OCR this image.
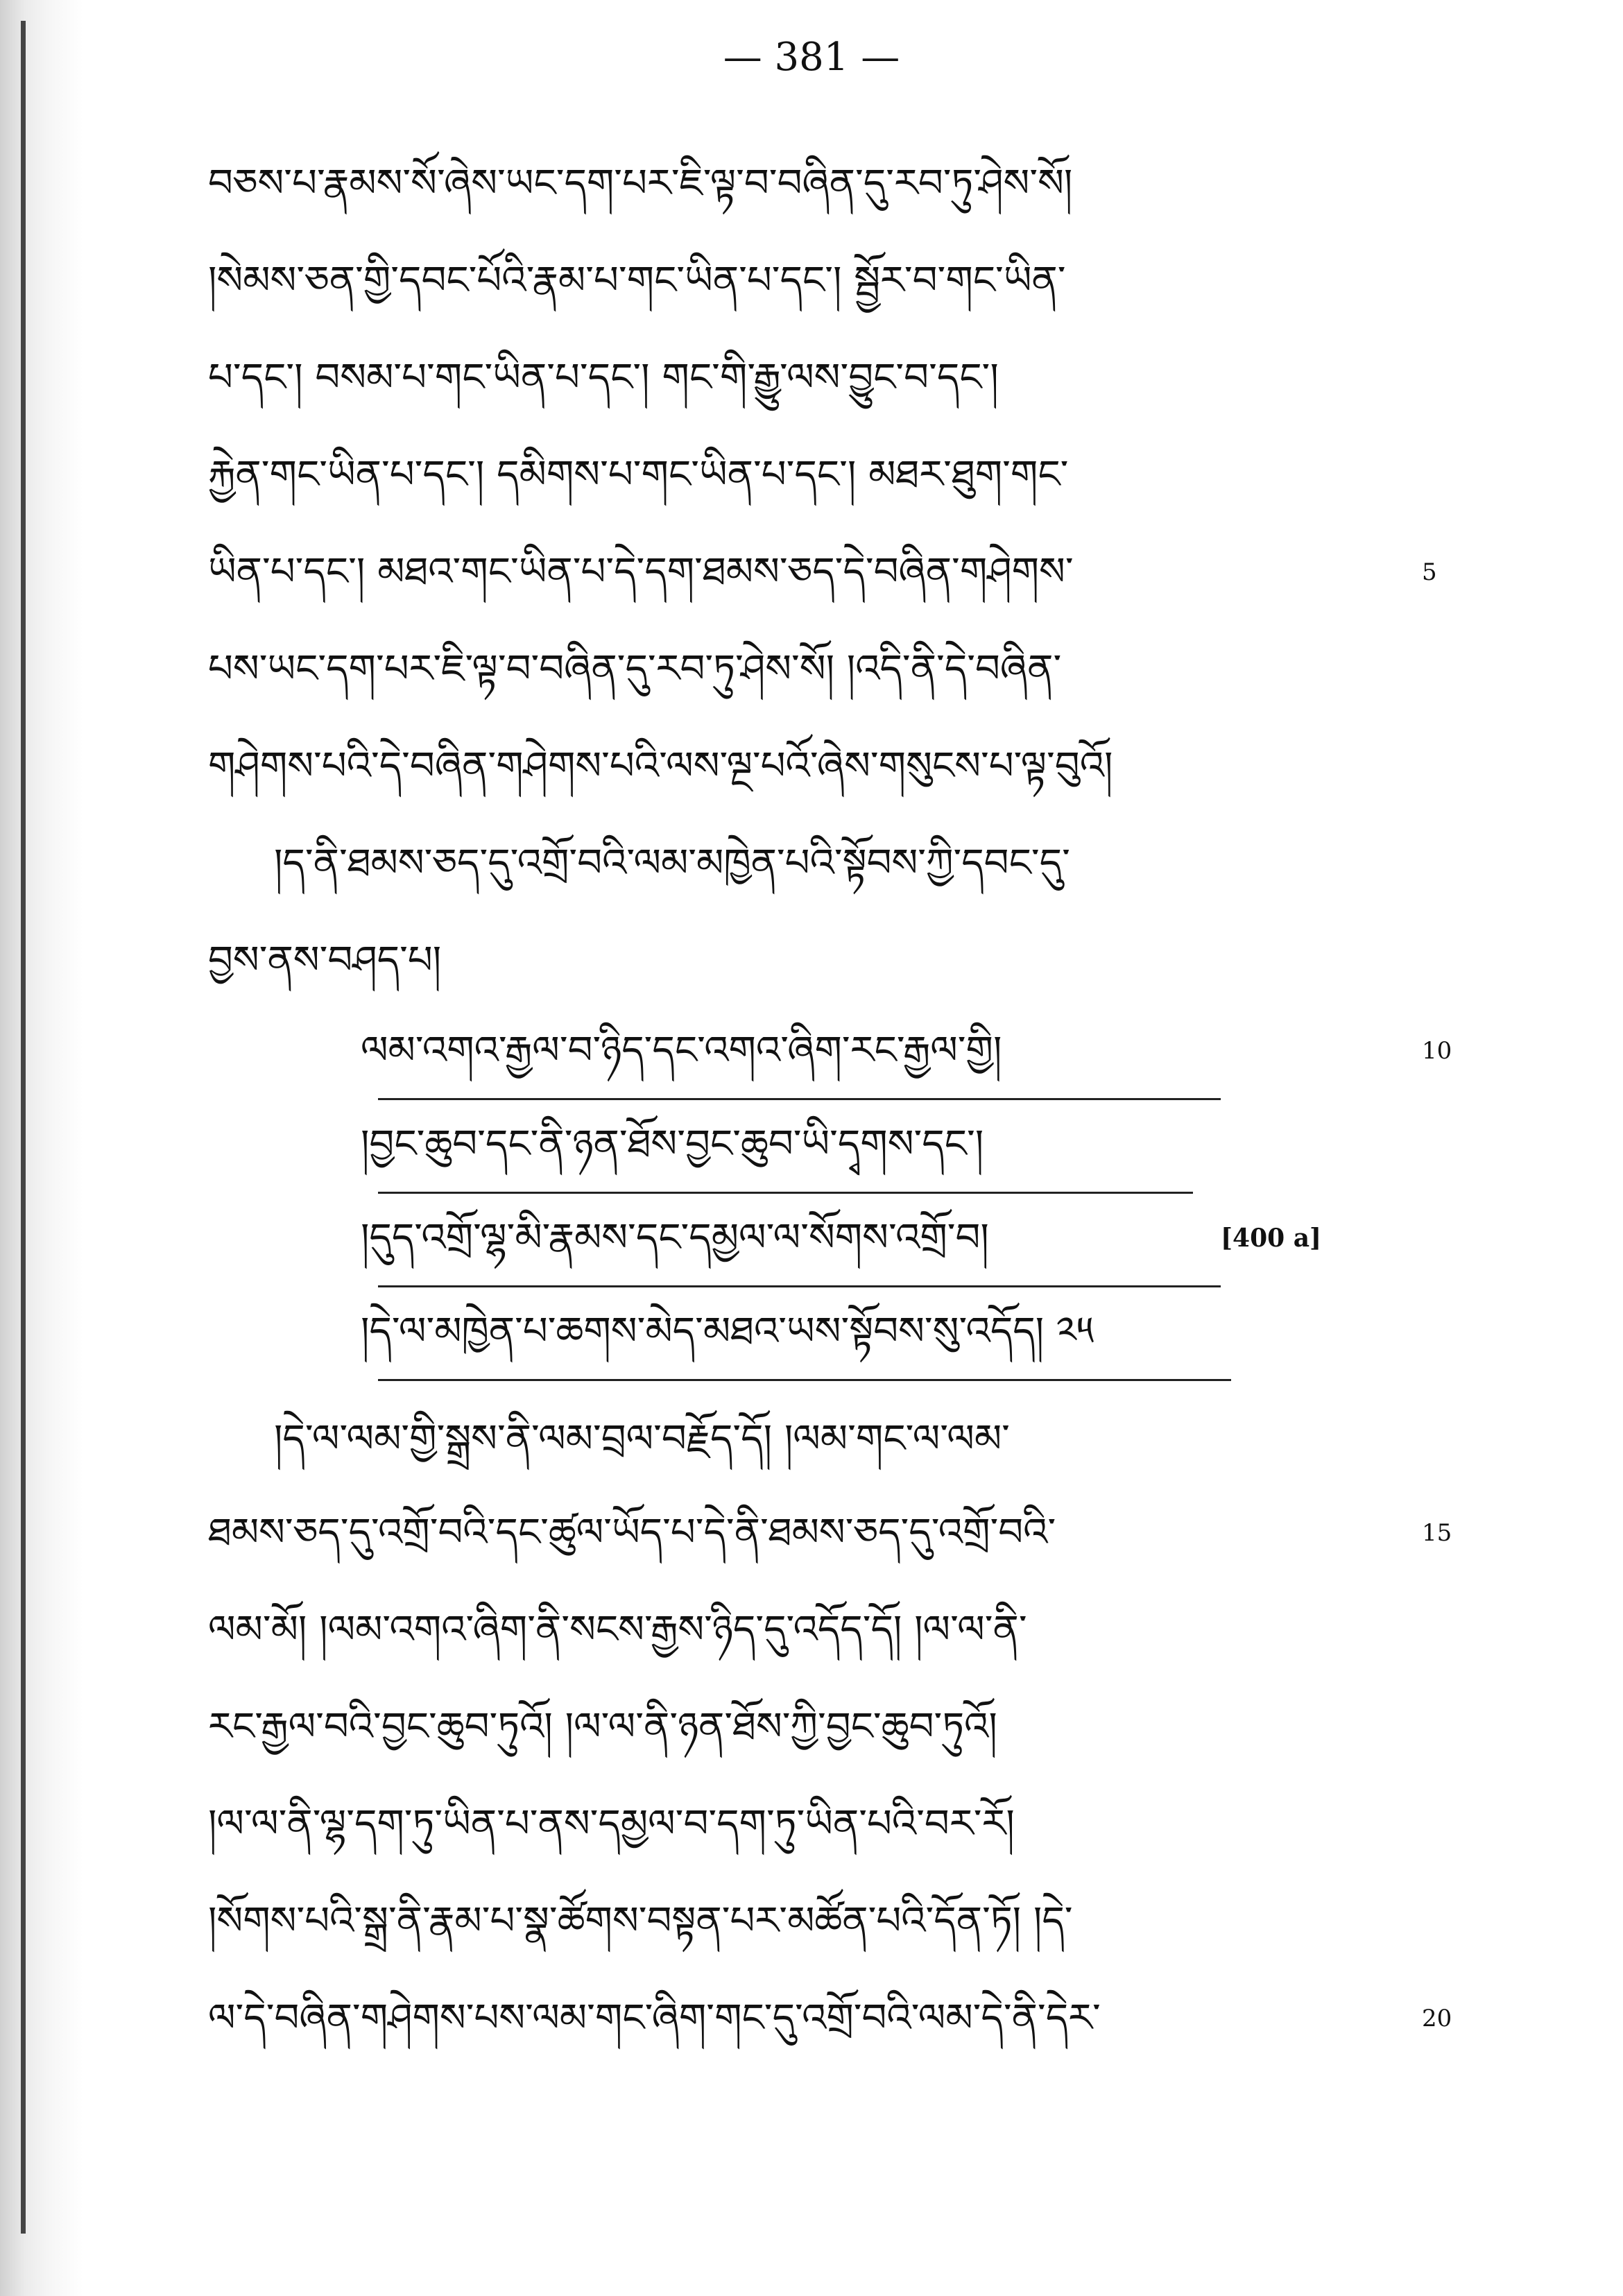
— 381 —
བཅས་པ་རྣམས་སོ་ཞེས་ཡང་དག་པར་ཇི་ལྟ་བ་བཞིན་དུ་རབ་ཏུ་ཤེས་སོ།
།སེམས་ཅན་གྱི་དབང་པོའི་རྣམ་པ་གང་ཡིན་པ་དང་། སྦྱོར་བ་གང་ཡིན་
པ་དང་། བསམ་པ་གང་ཡིན་པ་དང་། གང་གི་རྒྱུ་ལས་བྱུང་བ་དང་།
རྐྱེན་གང་ཡིན་པ་དང་། དམིགས་པ་གང་ཡིན་པ་དང་། མཐར་ཐུག་གང་
ཡིན་པ་དང་། མཐའ་གང་ཡིན་པ་དེ་དག་ཐམས་ཅད་དེ་བཞིན་གཤེགས་	5
པས་ཡང་དག་པར་ཇི་ལྟ་བ་བཞིན་དུ་རབ་ཏུ་ཤེས་སོ། །འདི་ནི་དེ་བཞིན་
གཤེགས་པའི་དེ་བཞིན་གཤེགས་པའི་ལས་ལྔ་པའོ་ཞེས་གསུངས་པ་ལྟ་བུའོ།
།ད་ནི་ཐམས་ཅད་དུ་འགྲོ་བའི་ལམ་མཁྱེན་པའི་སྟོབས་ཀྱི་དབང་དུ་
བྱས་ནས་བཤད་པ།
ལམ་འགའ་རྒྱལ་བ་ཉིད་དང་འགའ་ཞིག་རང་རྒྱལ་གྱི།	10
།བྱང་ཆུབ་དང་ནི་ཉན་ཐོས་བྱང་ཆུབ་ཡི་དྭགས་དང་།
།དུད་འགྲོ་ལྷ་མི་རྣམས་དང་དམྱལ་ལ་སོགས་འགྲོ་བ།	[400 a]
།དེ་ལ་མཁྱེན་པ་ཆགས་མེད་མཐའ་ཡས་སྟོབས་སུ་འདོད། ༢༥
།དེ་ལ་ལམ་གྱི་སྒྲས་ནི་ལམ་བྲལ་བརྗོད་དོ། །ལམ་གང་ལ་ལམ་
ཐམས་ཅད་དུ་འགྲོ་བའི་དང་ཚུལ་ཡོད་པ་དེ་ནི་ཐམས་ཅད་དུ་འགྲོ་བའི་	15
ལམ་མོ། །ལམ་འགའ་ཞིག་ནི་སངས་རྒྱས་ཉིད་དུ་འདོད་དོ། །ལ་ལ་ནི་
རང་རྒྱལ་བའི་བྱང་ཆུབ་ཏུའོ། །ལ་ལ་ནི་ཉན་ཐོས་ཀྱི་བྱང་ཆུབ་ཏུའོ།
།ལ་ལ་ནི་ལྷ་དག་ཏུ་ཡིན་པ་ནས་དམྱལ་བ་དག་ཏུ་ཡིན་པའི་བར་རོ།
།སོགས་པའི་སྒྲ་ནི་རྣམ་པ་སྣ་ཚོགས་བསྟན་པར་མཚོན་པའི་དོན་ཏོ། །དེ་
ལ་དེ་བཞིན་གཤེགས་པས་ལམ་གང་ཞིག་གང་དུ་འགྲོ་བའི་ལམ་དེ་ནི་དེར་	20
